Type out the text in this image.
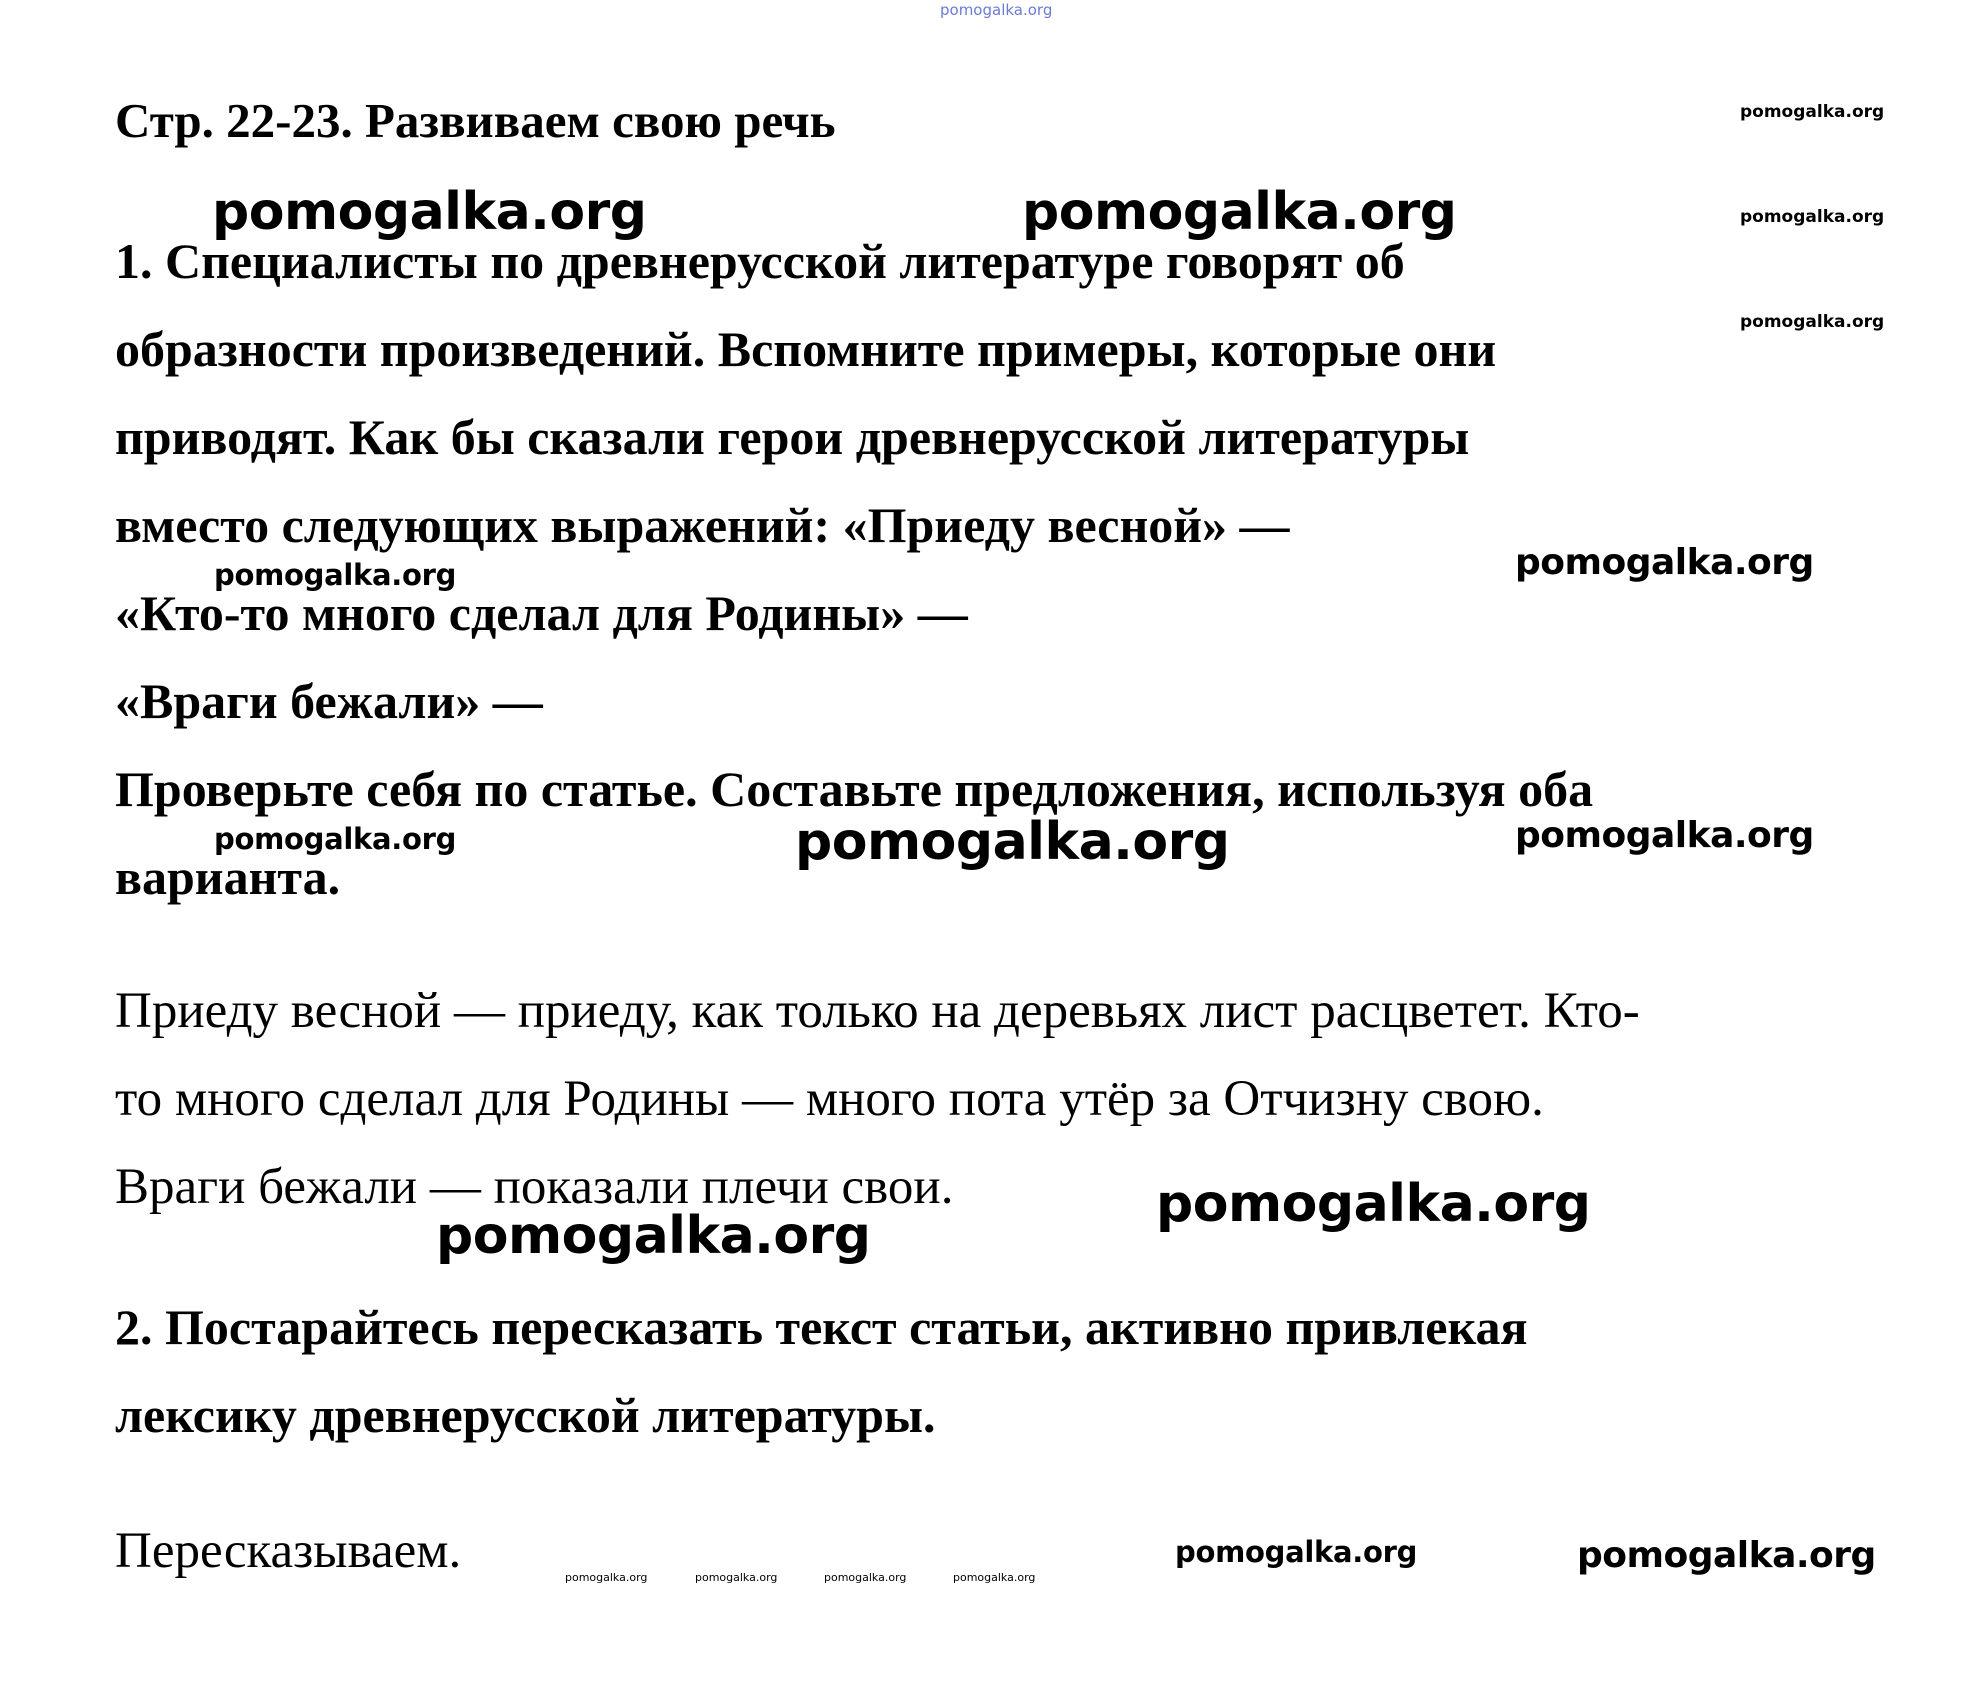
pomogalka.org
Стр. 22-23. Развиваем свою речь
1. Специалисты по древнерусской литературе говорят об
образности произведений. Вспомните примеры, которые они
приводят. Как бы сказали герои древнерусской литературы
вместо следующих выражений: «Приеду весной» —
«Кто-то много сделал для Родины» —
«Враги бежали» —
Проверьте себя по статье. Составьте предложения, используя оба
варианта.
Приеду весной — приеду, как только на деревьях лист расцветет. Кто-
то много сделал для Родины — много пота утёр за Отчизну свою.
Враги бежали — показали плечи свои.
2. Постарайтесь пересказать текст статьи, активно привлекая
лексику древнерусской литературы.
Пересказываем.
pomogalka.org
pomogalka.org
pomogalka.org
pomogalka.org	pomogalka.org
pomogalka.org	pomogalka.org
pomogalka.org	pomogalka.org	pomogalka.org
pomogalka.org
pomogalka.org
pomogalka.org	pomogalka.org	pomogalka.org	pomogalka.org
pomogalka.org	pomogalka.org
